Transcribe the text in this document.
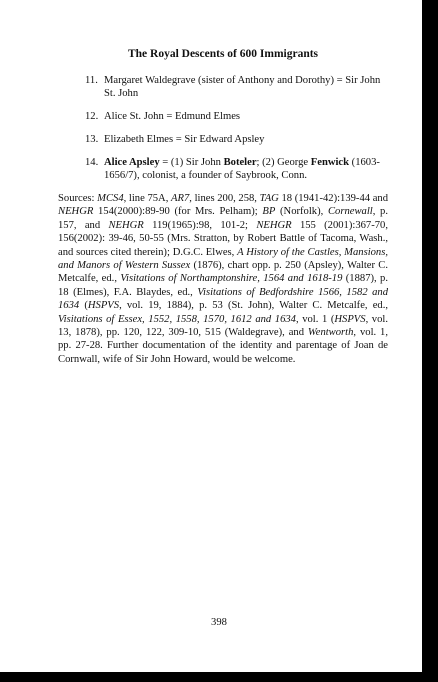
The Royal Descents of 600 Immigrants
11. Margaret Waldegrave (sister of Anthony and Dorothy) = Sir John St. John
12. Alice St. John = Edmund Elmes
13. Elizabeth Elmes = Sir Edward Apsley
14. Alice Apsley = (1) Sir John Boteler; (2) George Fenwick (1603-1656/7), colonist, a founder of Saybrook, Conn.

Sources: MCS4, line 75A, AR7, lines 200, 258, TAG 18 (1941-42):139-44 and NEHGR 154(2000):89-90 (for Mrs. Pelham); BP (Norfolk), Cornewall, p. 157, and NEHGR 119(1965):98, 101-2; NEHGR 155 (2001):367-70, 156(2002): 39-46, 50-55 (Mrs. Stratton, by Robert Battle of Tacoma, Wash., and sources cited therein); D.G.C. Elwes, A History of the Castles, Mansions, and Manors of Western Sussex (1876), chart opp. p. 250 (Apsley), Walter C. Metcalfe, ed., Visitations of Northamptonshire, 1564 and 1618-19 (1887), p. 18 (Elmes), F.A. Blaydes, ed., Visitations of Bedfordshire 1566, 1582 and 1634 (HSPVS, vol. 19, 1884), p. 53 (St. John), Walter C. Metcalfe, ed., Visitations of Essex, 1552, 1558, 1570, 1612 and 1634, vol. 1 (HSPVS, vol. 13, 1878), pp. 120, 122, 309-10, 515 (Waldegrave), and Wentworth, vol. 1, pp. 27-28. Further documentation of the identity and parentage of Joan de Cornwall, wife of Sir John Howard, would be welcome.

398
